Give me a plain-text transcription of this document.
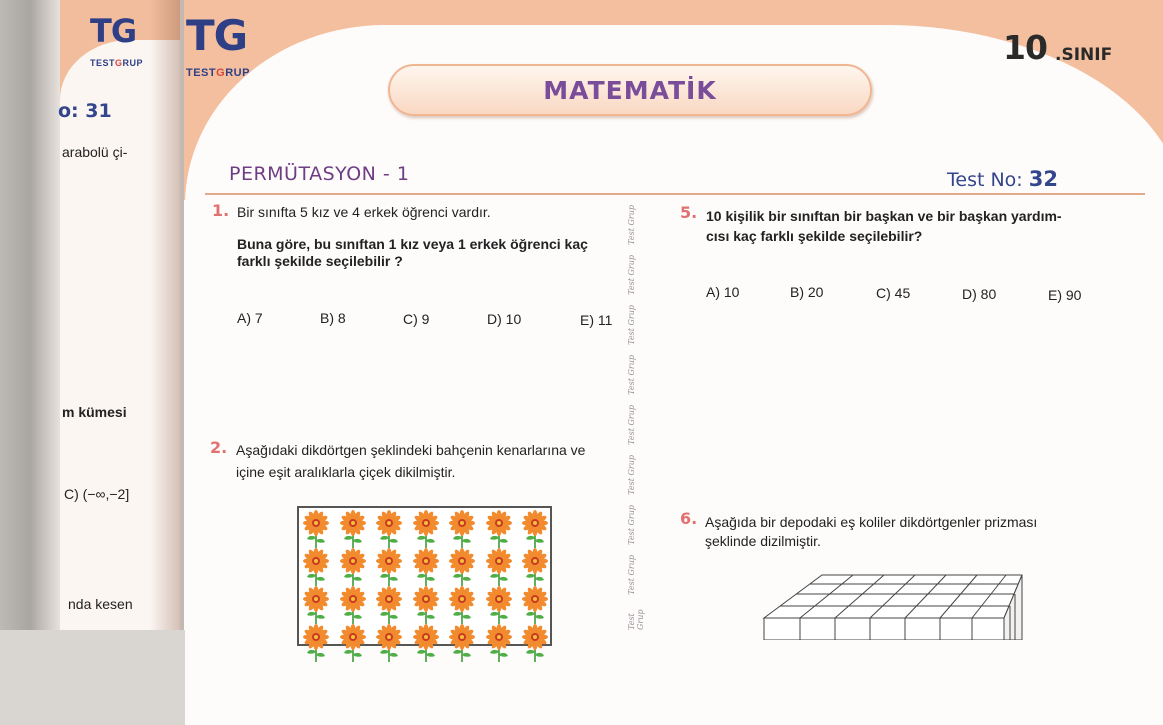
TG
TESTGRUP
o: 31
arabolü çi-
m kümesi
C) (−∞,−2]
nda kesen
TG
TESTGRUP
MATEMATİK
10 .SINIF
PERMÜTASYON - 1	Test No: 32
Test Grup
Test Grup
Test Grup
Test Grup
Test Grup
Test Grup
Test Grup
Test Grup
Test Grup
1. Bir sınıfta 5 kız ve 4 erkek öğrenci vardır.
Buna göre, bu sınıftan 1 kız veya 1 erkek öğrenci kaç
farklı şekilde seçilebilir ?
A) 7	B) 8	C) 9	D) 10	E) 11
2. Aşağıdaki dikdörtgen şeklindeki bahçenin kenarlarına ve
içine eşit aralıklarla çiçek dikilmiştir.
5. 10 kişilik bir sınıftan bir başkan ve bir başkan yardım-
cısı kaç farklı şekilde seçilebilir?
A) 10	B) 20	C) 45	D) 80	E) 90
6. Aşağıda bir depodaki eş koliler dikdörtgenler prizması
şeklinde dizilmiştir.
